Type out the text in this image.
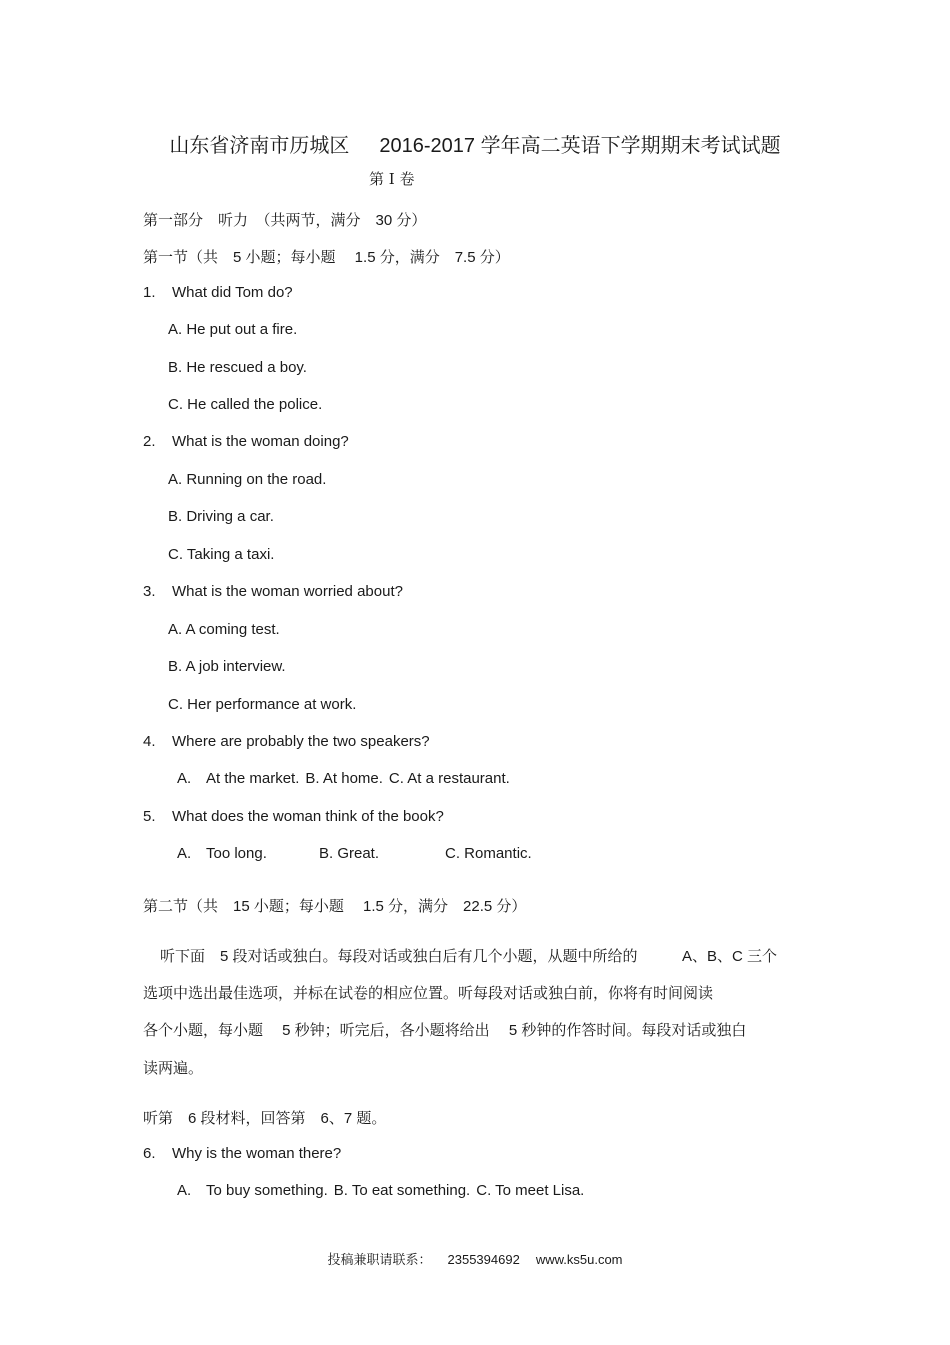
山东省济南市历城区 2016-2017 学年高二英语下学期期末考试试题
第 I 卷
第一部分　听力　（共两节，满分　30 分）
第一节（共　5 小题；每小题　 1.5 分，满分　7.5 分）
1. What did Tom do?
A. He put out a fire.
B. He rescued a boy.
C. He called the police.
2. What is the woman doing?
A. Running on the road.
B. Driving a car.
C. Taking a taxi.
3. What is the woman worried about?
A. A coming test.
B. A job interview.
C. Her performance at work.
4. Where are probably the two speakers?
A. At the market. B. At home. C. At a restaurant.
5. What does the woman think of the book?
A. Too long.	B. Great.	C. Romantic.
第二节（共　15 小题；每小题　 1.5 分，满分　22.5 分）
听下面　5 段对话或独白。每段对话或独白后有几个小题，从题中所给的	A、B、C 三个
选项中选出最佳选项，并标在试卷的相应位置。听每段对话或独白前，你将有时间阅读
各个小题，每小题　 5 秒钟；听完后，各小题将给出　 5 秒钟的作答时间。每段对话或独白
读两遍。
听第　6 段材料，回答第　6、7 题。
6. Why is the woman there?
A. To buy something. B. To eat something. C. To meet Lisa.
投稿兼职请联系： 2355394692 www.ks5u.com
